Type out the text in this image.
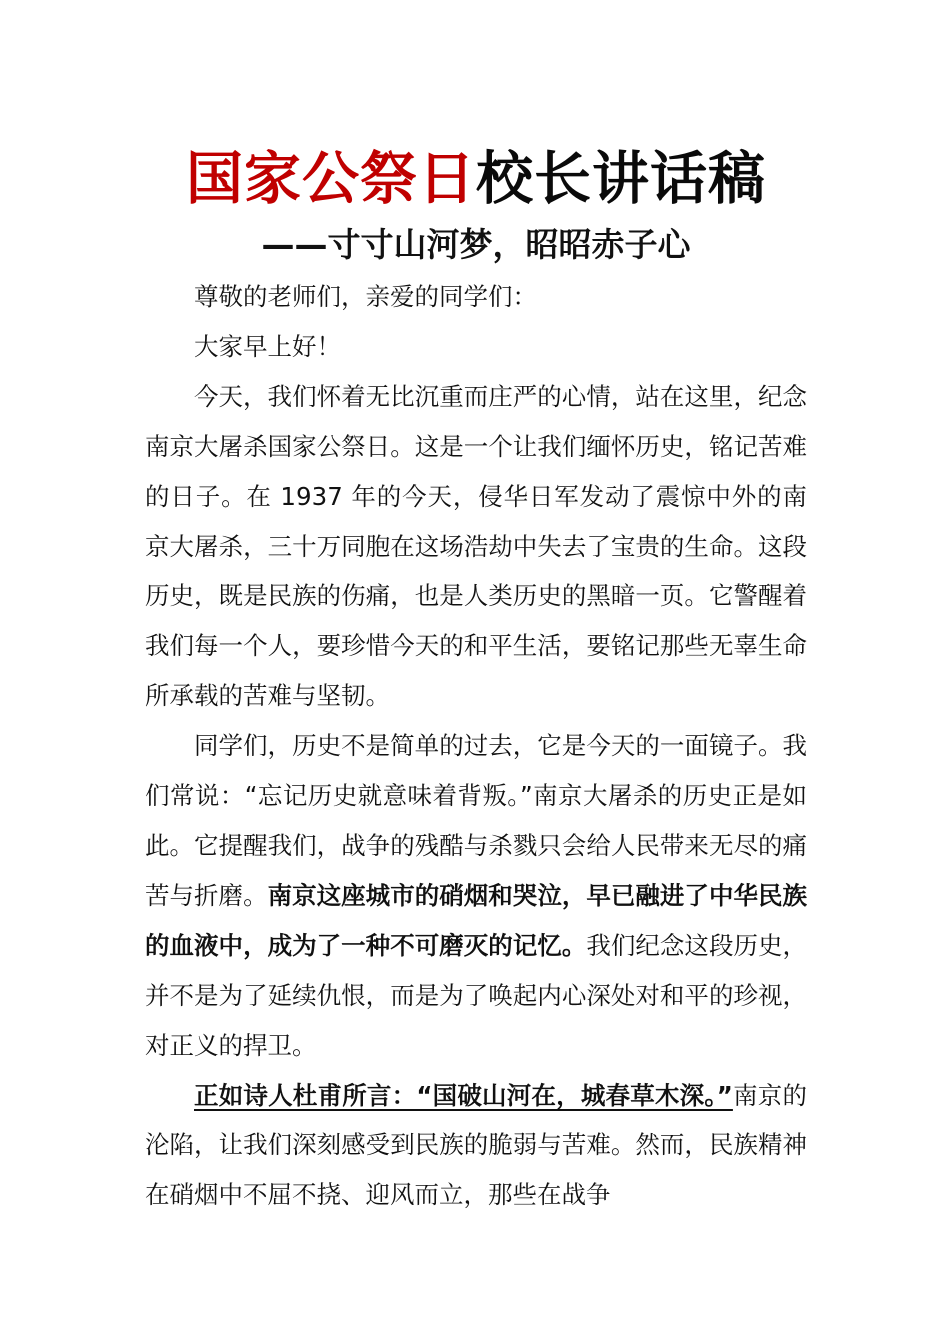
国家公祭日校长讲话稿
——寸寸山河梦，昭昭赤子心

尊敬的老师们，亲爱的同学们：

大家早上好！

今天，我们怀着无比沉重而庄严的心情，站在这里，纪念南京大屠杀国家公祭日。这是一个让我们缅怀历史，铭记苦难的日子。在 1937 年的今天，侵华日军发动了震惊中外的南京大屠杀，三十万同胞在这场浩劫中失去了宝贵的生命。这段历史，既是民族的伤痛，也是人类历史的黑暗一页。它警醒着我们每一个人，要珍惜今天的和平生活，要铭记那些无辜生命所承载的苦难与坚韧。

同学们，历史不是简单的过去，它是今天的一面镜子。我们常说：“忘记历史就意味着背叛。”南京大屠杀的历史正是如此。它提醒我们，战争的残酷与杀戮只会给人民带来无尽的痛苦与折磨。南京这座城市的硝烟和哭泣，早已融进了中华民族的血液中，成为了一种不可磨灭的记忆。我们纪念这段历史，并不是为了延续仇恨，而是为了唤起内心深处对和平的珍视，对正义的捍卫。

正如诗人杜甫所言：“国破山河在，城春草木深。”南京的沦陷，让我们深刻感受到民族的脆弱与苦难。然而，民族精神在硝烟中不屈不挠、迎风而立，那些在战争
